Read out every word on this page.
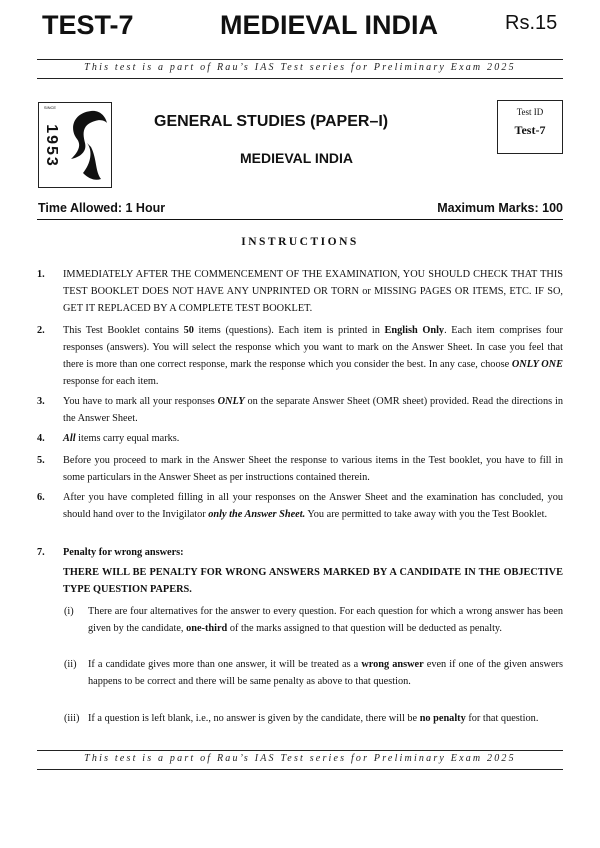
TEST-7	MEDIEVAL INDIA	Rs.15
This test is a part of Rau’s IAS Test series for Preliminary Exam 2025
SINCE
1953
GENERAL STUDIES (PAPER–I)
MEDIEVAL INDIA
Test ID
Test-7
Time Allowed: 1 Hour	Maximum Marks: 100
INSTRUCTIONS
1. IMMEDIATELY AFTER THE COMMENCEMENT OF THE EXAMINATION, YOU SHOULD CHECK THAT THIS TEST BOOKLET DOES NOT HAVE ANY UNPRINTED OR TORN or MISSING PAGES OR ITEMS, ETC. IF SO, GET IT REPLACED BY A COMPLETE TEST BOOKLET.
2. This Test Booklet contains 50 items (questions). Each item is printed in English Only. Each item comprises four responses (answers). You will select the response which you want to mark on the Answer Sheet. In case you feel that there is more than one correct response, mark the response which you consider the best. In any case, choose ONLY ONE response for each item.
3. You have to mark all your responses ONLY on the separate Answer Sheet (OMR sheet) provided. Read the directions in the Answer Sheet.
4. All items carry equal marks.
5. Before you proceed to mark in the Answer Sheet the response to various items in the Test booklet, you have to fill in some particulars in the Answer Sheet as per instructions contained therein.
6. After you have completed filling in all your responses on the Answer Sheet and the examination has concluded, you should hand over to the Invigilator only the Answer Sheet. You are permitted to take away with you the Test Booklet.
7. Penalty for wrong answers:
THERE WILL BE PENALTY FOR WRONG ANSWERS MARKED BY A CANDIDATE IN THE OBJECTIVE TYPE QUESTION PAPERS.
(i) There are four alternatives for the answer to every question. For each question for which a wrong answer has been given by the candidate, one-third of the marks assigned to that question will be deducted as penalty.
(ii) If a candidate gives more than one answer, it will be treated as a wrong answer even if one of the given answers happens to be correct and there will be same penalty as above to that question.
(iii) If a question is left blank, i.e., no answer is given by the candidate, there will be no penalty for that question.
This test is a part of Rau’s IAS Test series for Preliminary Exam 2025
